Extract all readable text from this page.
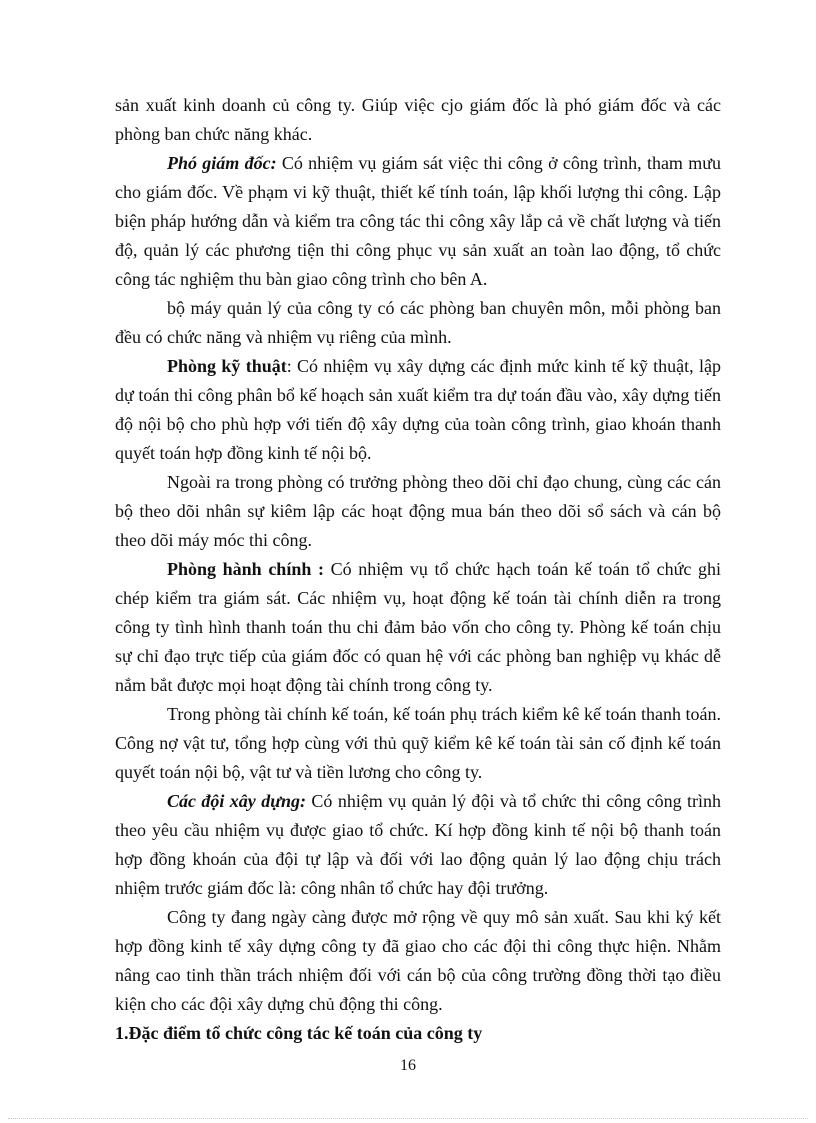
sản xuất kinh doanh củ công ty. Giúp việc cjo giám đốc là phó giám đốc và các phòng ban chức năng khác.

Phó giám đốc: Có nhiệm vụ giám sát việc thi công ở công trình, tham mưu cho giám đốc. Về phạm vi kỹ thuật, thiết kế tính toán, lập khối lượng thi công. Lập biện pháp hướng dẫn và kiểm tra công tác thi công xây lắp cả về chất lượng và tiến độ, quản lý các phương tiện thi công phục vụ sản xuất an toàn lao động, tổ chức công tác nghiệm thu bàn giao công trình cho bên A.

bộ máy quản lý của công ty có các phòng ban chuyên môn, mỗi phòng ban đều có chức năng và nhiệm vụ riêng của mình.

Phòng kỹ thuật: Có nhiệm vụ xây dựng các định mức kinh tế kỹ thuật, lập dự toán thi công phân bổ kế hoạch sản xuất kiểm tra dự toán đầu vào, xây dựng tiến độ nội bộ cho phù hợp với tiến độ xây dựng của toàn công trình, giao khoán thanh quyết toán hợp đồng kinh tế nội bộ.

Ngoài ra trong phòng có trưởng phòng theo dõi chỉ đạo chung, cùng các cán bộ theo dõi nhân sự kiêm lập các hoạt động mua bán theo dõi sổ sách và cán bộ theo dõi máy móc thi công.

Phòng hành chính : Có nhiệm vụ tổ chức hạch toán kế toán tổ chức ghi chép kiểm tra giám sát. Các nhiệm vụ, hoạt động kế toán tài chính diễn ra trong công ty tình hình thanh toán thu chi đảm bảo vốn cho công ty. Phòng kế toán chịu sự chỉ đạo trực tiếp của giám đốc có quan hệ với các phòng ban nghiệp vụ khác dễ nắm bắt được mọi hoạt động tài chính trong công ty.

Trong phòng tài chính kế toán, kế toán phụ trách kiểm kê kế toán thanh toán. Công nợ vật tư, tổng hợp cùng với thủ quỹ kiểm kê kế toán tài sản cố định kế toán quyết toán nội bộ, vật tư và tiền lương cho công ty.

Các đội xây dựng: Có nhiệm vụ quản lý đội và tổ chức thi công công trình theo yêu cầu nhiệm vụ được giao tổ chức. Kí hợp đồng kinh tế nội bộ thanh toán hợp đồng khoán của đội tự lập và đối với lao động quản lý lao động chịu trách nhiệm trước giám đốc là: công nhân tổ chức hay đội trưởng.

Công ty đang ngày càng được mở rộng về quy mô sản xuất. Sau khi ký kết hợp đồng kinh tế xây dựng công ty đã giao cho các đội thi công thực hiện. Nhằm nâng cao tinh thần trách nhiệm đối với cán bộ của công trường đồng thời tạo điều kiện cho các đội xây dựng chủ động thi công.

1.Đặc điểm tổ chức công tác kế toán của công ty

16
